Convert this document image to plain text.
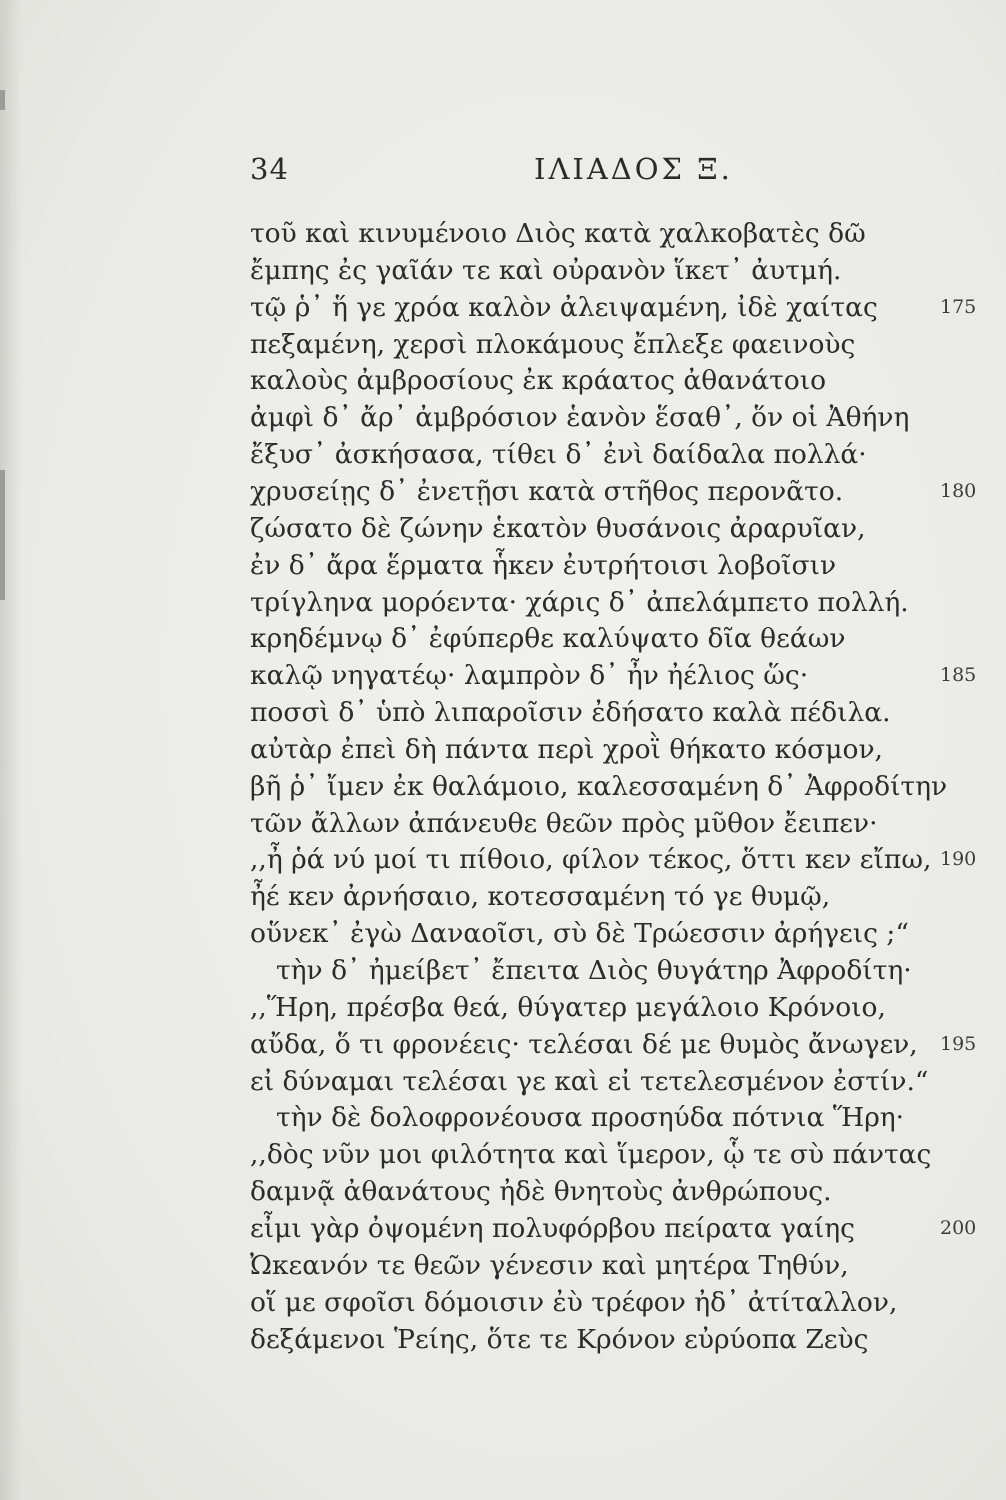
34	ΙΛΙΑΔΟΣ Ξ.
τοῦ καὶ κινυμένοιο Διὸς κατὰ χαλκοβατὲς δῶ
ἔμπης ἐς γαῖάν τε καὶ οὐρανὸν ἵκετ᾽ ἀυτμή.
τῷ ῥ᾽ ἥ γε χρόα καλὸν ἀλειψαμένη, ἰδὲ χαίτας	175
πεξαμένη, χερσὶ πλοκάμους ἔπλεξε φαεινοὺς
καλοὺς ἀμβροσίους ἐκ κράατος ἀθανάτοιο
ἀμφὶ δ᾽ ἄρ᾽ ἀμβρόσιον ἑανὸν ἕσαθ᾽, ὅν οἱ Ἀθήνη
ἔξυσ᾽ ἀσκήσασα, τίθει δ᾽ ἐνὶ δαίδαλα πολλά·
χρυσείῃς δ᾽ ἐνετῇσι κατὰ στῆθος περονᾶτο.	180
ζώσατο δὲ ζώνην ἑκατὸν θυσάνοις ἀραρυῖαν,
ἐν δ᾽ ἄρα ἕρματα ἧκεν ἐυτρήτοισι λοβοῖσιν
τρίγληνα μορόεντα· χάρις δ᾽ ἀπελάμπετο πολλή.
κρηδέμνῳ δ᾽ ἐφύπερθε καλύψατο δῖα θεάων
καλῷ νηγατέῳ· λαμπρὸν δ᾽ ἦν ἠέλιος ὥς·	185
ποσσὶ δ᾽ ὑπὸ λιπαροῖσιν ἐδήσατο καλὰ πέδιλα.
αὐτὰρ ἐπεὶ δὴ πάντα περὶ χροῒ θήκατο κόσμον,
βῆ ῥ᾽ ἴμεν ἐκ θαλάμοιο, καλεσσαμένη δ᾽ Ἀφροδίτην
τῶν ἄλλων ἀπάνευθε θεῶν πρὸς μῦθον ἔειπεν·
,,ἦ ῥά νύ μοί τι πίθοιο, φίλον τέκος, ὅττι κεν εἴπω, 190
ἦέ κεν ἀρνήσαιο, κοτεσσαμένη τό γε θυμῷ,
οὕνεκ᾽ ἐγὼ Δαναοῖσι, σὺ δὲ Τρώεσσιν ἀρήγεις ;“
τὴν δ᾽ ἠμείβετ᾽ ἔπειτα Διὸς θυγάτηρ Ἀφροδίτη·
,,Ἥρη, πρέσβα θεά, θύγατερ μεγάλοιο Κρόνοιο,
αὔδα, ὅ τι φρονέεις· τελέσαι δέ με θυμὸς ἄνωγεν, 195
εἰ δύναμαι τελέσαι γε καὶ εἰ τετελεσμένον ἐστίν.“
τὴν δὲ δολοφρονέουσα προσηύδα πότνια Ἥρη·
,,δὸς νῦν μοι φιλότητα καὶ ἵμερον, ᾧ τε σὺ πάντας
δαμνᾷ ἀθανάτους ἠδὲ θνητοὺς ἀνθρώπους.
εἶμι γὰρ ὀψομένη πολυφόρβου πείρατα γαίης	200
Ὠκεανόν τε θεῶν γένεσιν καὶ μητέρα Τηθύν,
οἵ με σφοῖσι δόμοισιν ἐὺ τρέφον ἠδ᾽ ἀτίταλλον,
δεξάμενοι Ῥείης, ὅτε τε Κρόνον εὐρύοπα Ζεὺς
